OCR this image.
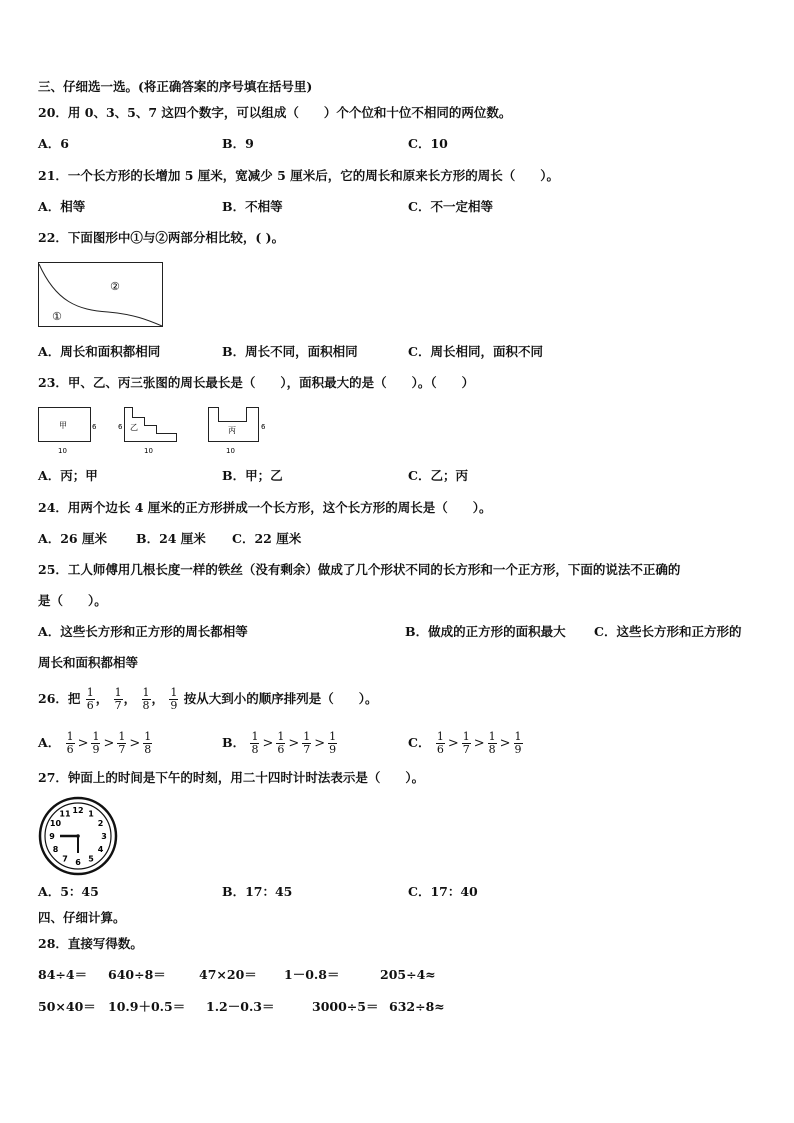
三、仔细选一选。(将正确答案的序号填在括号里)
20．用 0、3、5、7 这四个数字，可以组成（　　）个个位和十位不相同的两位数。
A．6	B．9	C．10
21．一个长方形的长增加 5 厘米，宽减少 5 厘米后，它的周长和原来长方形的周长（　　）。
A．相等	B．不相等	C．不一定相等
22．下面图形中①与②两部分相比较，( )。
②
①
A．周长和面积都相同	B．周长不同，面积相同	C．周长相同，面积不同
23．甲、乙、丙三张图的周长最长是（　　），面积最大的是（　　）。（　　）
甲	6
10
乙
6
10
丙	6
10
A．丙；甲	B．甲；乙	C．乙；丙
24．用两个边长 4 厘米的正方形拼成一个长方形，这个长方形的周长是（　　）。
A．26 厘米 B．24 厘米 C．22 厘米
25．工人师傅用几根长度一样的铁丝（没有剩余）做成了几个形状不同的长方形和一个正方形，下面的说法不正确的
是（　　）。
A．这些长方形和正方形的周长都相等	B．做成的正方形的面积最大 C．这些长方形和正方形的
周长和面积都相等
26．把 $\frac{1}{6}$ ， $\frac{1}{7}$ ， $\frac{1}{8}$ ， $\frac{1}{9}$ 按从大到小的顺序排列是（　　）。
A． $\frac{1}{6} > \frac{1}{9} > \frac{1}{7} > \frac{1}{8}$	B． $\frac{1}{8} > \frac{1}{6} > \frac{1}{7} > \frac{1}{9}$	C． $\frac{1}{6} > \frac{1}{7} > \frac{1}{8} > \frac{1}{9}$
27．钟面上的时间是下午的时刻，用二十四时计时法表示是（　　）。
12 1
2
3
4
5
6
7
8
9
10
11
A．5：45	B．17：45	C．17：40
四、仔细计算。
28．直接写得数。
84÷4＝ 640÷8＝	47×20＝ 1－0.8＝	205÷4≈
50×40＝ 10.9＋0.5＝ 1.2－0.3＝	3000÷5＝ 632÷8≈
